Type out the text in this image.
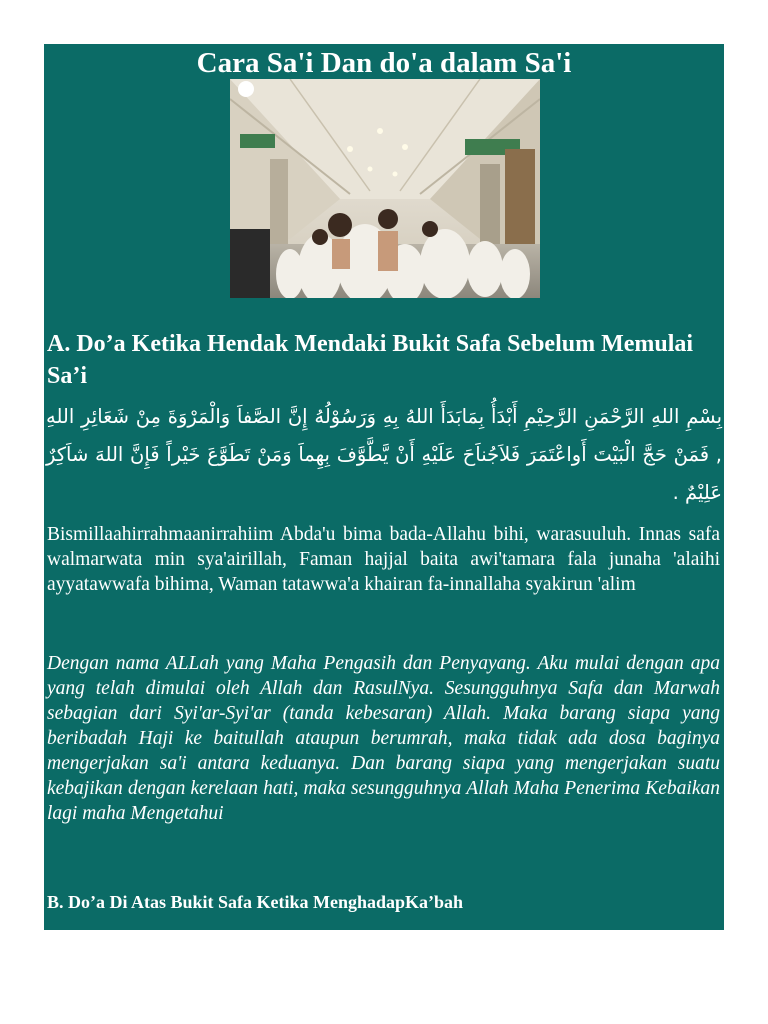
Cara Sa'i Dan do'a dalam Sa'i
A. Do’a Ketika Hendak Mendaki Bukit Safa Sebelum Memulai Sa’i

بِسْمِ اللهِ الرَّحْمَنِ الرَّحِيْمِ أَبْدَأُ بِمَابَدَأَ اللهُ بِهِ وَرَسُوْلُهُ إِنَّ الصَّفاَ وَالْمَرْوَةَ مِنْ شَعَائِرِ اللهِ , فَمَنْ حَجَّ الْبَيْتَ أَواعْتَمَرَ فَلاَجُناَحَ عَلَيْهِ أَنْ يَّطَّوَّفَ بِهِماَ وَمَنْ تَطَوَّعَ خَيْراً فَإِنَّ اللهَ شاَكِرٌ عَلِيْمٌ .

Bismillaahirrahmaanirrahiim Abda'u bima bada-Allahu bihi, warasuuluh. Innas safa walmarwata min sya'airillah, Faman hajjal baita awi'tamara fala junaha 'alaihi ayyatawwafa bihima, Waman tatawwa'a khairan fa-innallaha syakirun 'alim

Dengan nama ALLah yang Maha Pengasih dan Penyayang. Aku mulai dengan apa yang telah dimulai oleh Allah dan RasulNya. Sesungguhnya Safa dan Marwah sebagian dari Syi'ar-Syi'ar (tanda kebesaran) Allah. Maka barang siapa yang beribadah Haji ke baitullah ataupun berumrah, maka tidak ada dosa baginya mengerjakan sa'i antara keduanya. Dan barang siapa yang mengerjakan suatu kebajikan dengan kerelaan hati, maka sesungguhnya Allah Maha Penerima Kebaikan lagi maha Mengetahui

B. Do’a Di Atas Bukit Safa Ketika MenghadapKa’bah
